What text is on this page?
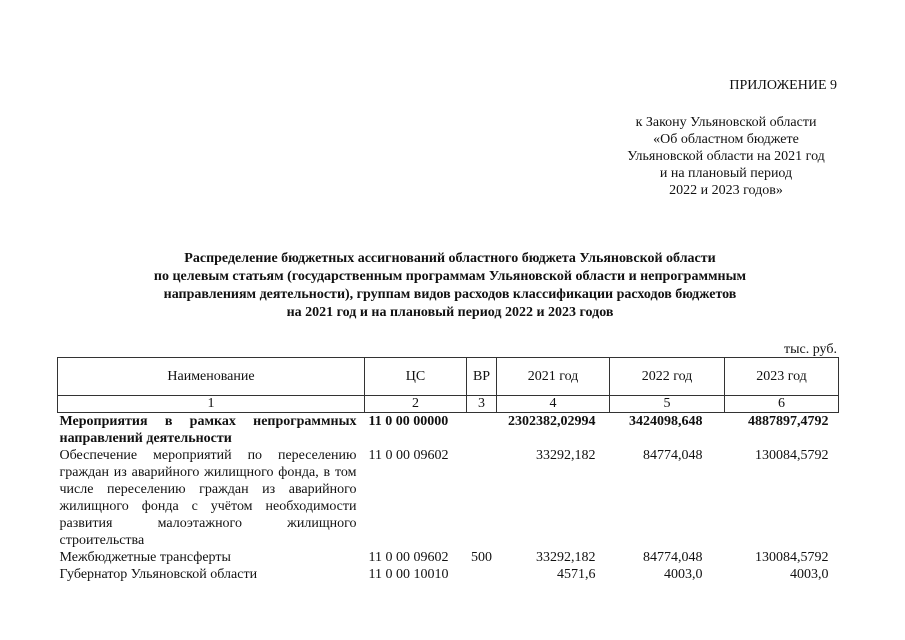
ПРИЛОЖЕНИЕ 9
к Закону Ульяновской области
«Об областном бюджете
Ульяновской области на 2021 год
и на плановый период
2022 и 2023 годов»
Распределение бюджетных ассигнований областного бюджета Ульяновской области
по целевым статьям (государственным программам Ульяновской области и непрограммным
направлениям деятельности), группам видов расходов классификации расходов бюджетов
на 2021 год и на плановый период 2022 и 2023 годов
тыс. руб.
Наименование	ЦС	ВР	2021 год	2022 год	2023 год
1	2	3	4	5	6
Мероприятия в рамках непрограммных направлений деятельности	11 0 00 00000		2302382,02994	3424098,648	4887897,4792
Обеспечение мероприятий по переселению граждан из аварийного жилищного фонда, в том числе переселению граждан из аварийного жилищного фонда с учётом необходимости развития малоэтажного жилищного строительства	11 0 00 09602		33292,182	84774,048	130084,5792
Межбюджетные трансферты	11 0 00 09602	500	33292,182	84774,048	130084,5792
Губернатор Ульяновской области	11 0 00 10010		4571,6	4003,0	4003,0
